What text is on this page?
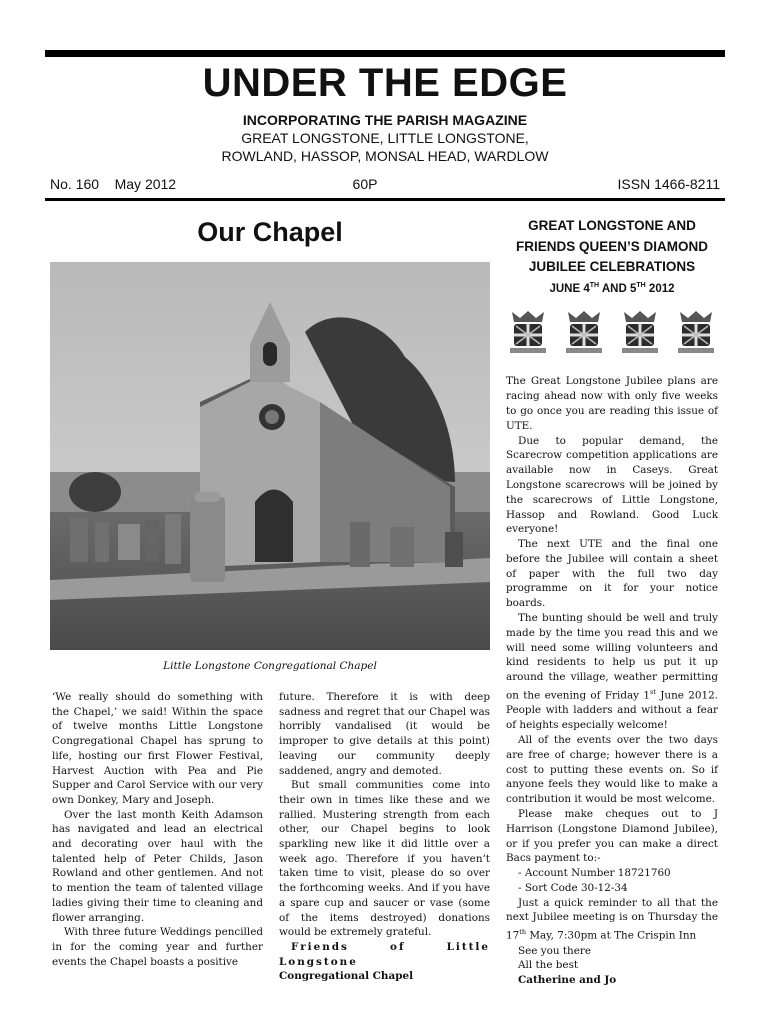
UNDER THE EDGE
INCORPORATING THE PARISH MAGAZINE
GREAT LONGSTONE, LITTLE LONGSTONE,
ROWLAND, HASSOP, MONSAL HEAD, WARDLOW
No. 160 May 2012	60P	ISSN 1466-8211
Our Chapel
Little Longstone Congregational Chapel

‘We really should do something with the Chapel,’ we said! Within the space of twelve months Little Longstone Congregational Chapel has sprung to life, hosting our first Flower Festival, Harvest Auction with Pea and Pie Supper and Carol Service with our very own Donkey, Mary and Joseph.

Over the last month Keith Adamson has navigated and lead an electrical and decorating over haul with the talented help of Peter Childs, Jason Rowland and other gentlemen. And not to mention the team of talented village ladies giving their time to cleaning and flower arranging.

With three future Weddings pencilled in for the coming year and further events the Chapel boasts a positive

future. Therefore it is with deep sadness and regret that our Chapel was horribly vandalised (it would be improper to give details at this point) leaving our community deeply saddened, angry and demoted.

But small communities come into their own in times like these and we rallied. Mustering strength from each other, our Chapel begins to look sparkling new like it did little over a week ago. Therefore if you haven’t taken time to visit, please do so over the forthcoming weeks. And if you have a spare cup and saucer or vase (some of the items destroyed) donations would be extremely grateful.

Friends of Little Longstone

Congregational Chapel
GREAT LONGSTONE AND FRIENDS QUEEN’S DIAMOND JUBILEE CELEBRATIONS
JUNE 4TH AND 5TH 2012

The Great Longstone Jubilee plans are racing ahead now with only five weeks to go once you are reading this issue of UTE.

Due to popular demand, the Scarecrow competition applications are available now in Caseys. Great Longstone scarecrows will be joined by the scarecrows of Little Longstone, Hassop and Rowland. Good Luck everyone!

The next UTE and the final one before the Jubilee will contain a sheet of paper with the full two day programme on it for your notice boards.

The bunting should be well and truly made by the time you read this and we will need some willing volunteers and kind residents to help us put it up around the village, weather permitting on the evening of Friday 1st June 2012. People with ladders and without a fear of heights especially welcome!

All of the events over the two days are free of charge; however there is a cost to putting these events on. So if anyone feels they would like to make a contribution it would be most welcome.

Please make cheques out to J Harrison (Longstone Diamond Jubilee), or if you prefer you can make a direct Bacs payment to:-

- Account Number 18721760

- Sort Code 30-12-34

Just a quick reminder to all that the next Jubilee meeting is on Thursday the 17th May, 7:30pm at The Crispin Inn

See you there

All the best

Catherine and Jo
